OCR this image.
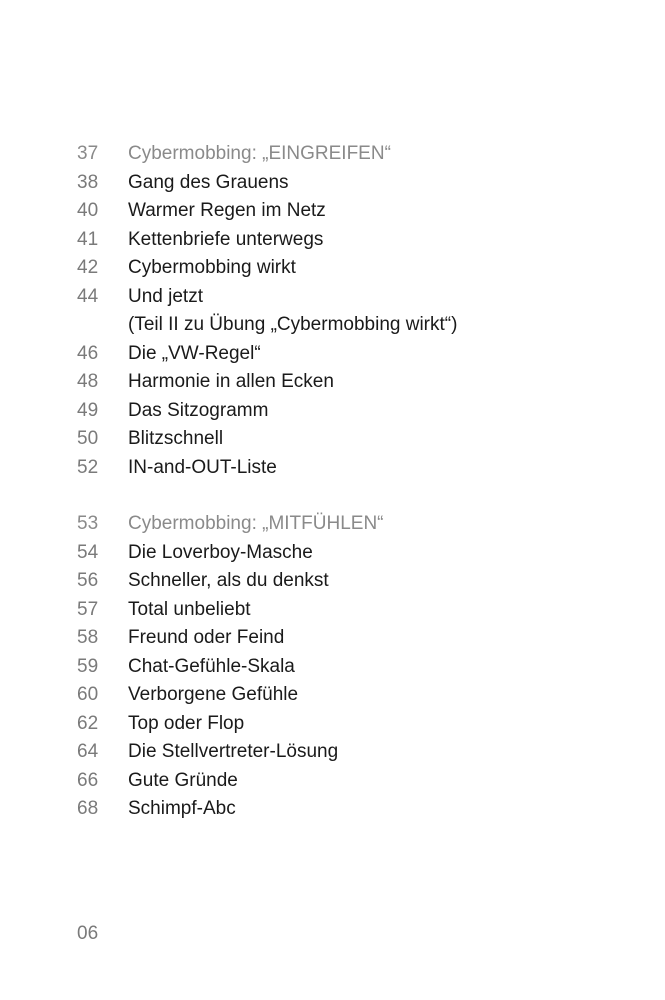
37	Cybermobbing: „EINGREIFEN“
38	Gang des Grauens
40	Warmer Regen im Netz
41	Kettenbriefe unterwegs
42	Cybermobbing wirkt
44	Und jetzt
(Teil II zu Übung „Cybermobbing wirkt“)
46	Die „VW-Regel“
48	Harmonie in allen Ecken
49	Das Sitzogramm
50	Blitzschnell
52	IN-and-OUT-Liste
53	Cybermobbing: „MITFÜHLEN“
54	Die Loverboy-Masche
56	Schneller, als du denkst
57	Total unbeliebt
58	Freund oder Feind
59	Chat-Gefühle-Skala
60	Verborgene Gefühle
62	Top oder Flop
64	Die Stellvertreter-Lösung
66	Gute Gründe
68	Schimpf-Abc
06
